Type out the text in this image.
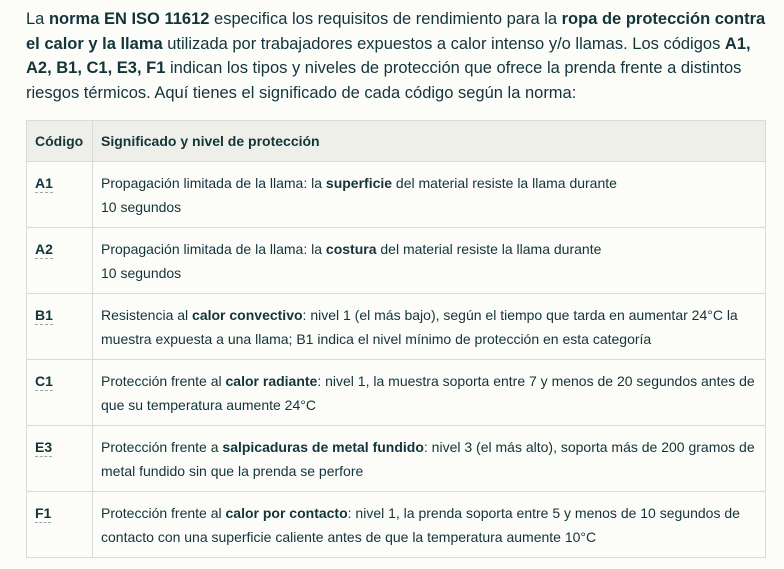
La norma EN ISO 11612 especifica los requisitos de rendimiento para la ropa de protección contra el calor y la llama utilizada por trabajadores expuestos a calor intenso y/o llamas. Los códigos A1, A2, B1, C1, E3, F1 indican los tipos y niveles de protección que ofrece la prenda frente a distintos riesgos térmicos. Aquí tienes el significado de cada código según la norma:

Código	Significado y nivel de protección
A1	Propagación limitada de la llama: la superficie del material resiste la llama durante
10 segundos

A2	Propagación limitada de la llama: la costura del material resiste la llama durante
10 segundos

B1	Resistencia al calor convectivo: nivel 1 (el más bajo), según el tiempo que tarda en aumentar 24°C la muestra expuesta a una llama; B1 indica el nivel mínimo de protección en esta categoría
C1	Protección frente al calor radiante: nivel 1, la muestra soporta entre 7 y menos de 20 segundos antes de que su temperatura aumente 24°C
E3	Protección frente a salpicaduras de metal fundido: nivel 3 (el más alto), soporta más de 200 gramos de metal fundido sin que la prenda se perfore
F1	Protección frente al calor por contacto: nivel 1, la prenda soporta entre 5 y menos de 10 segundos de contacto con una superficie caliente antes de que la temperatura aumente 10°C
